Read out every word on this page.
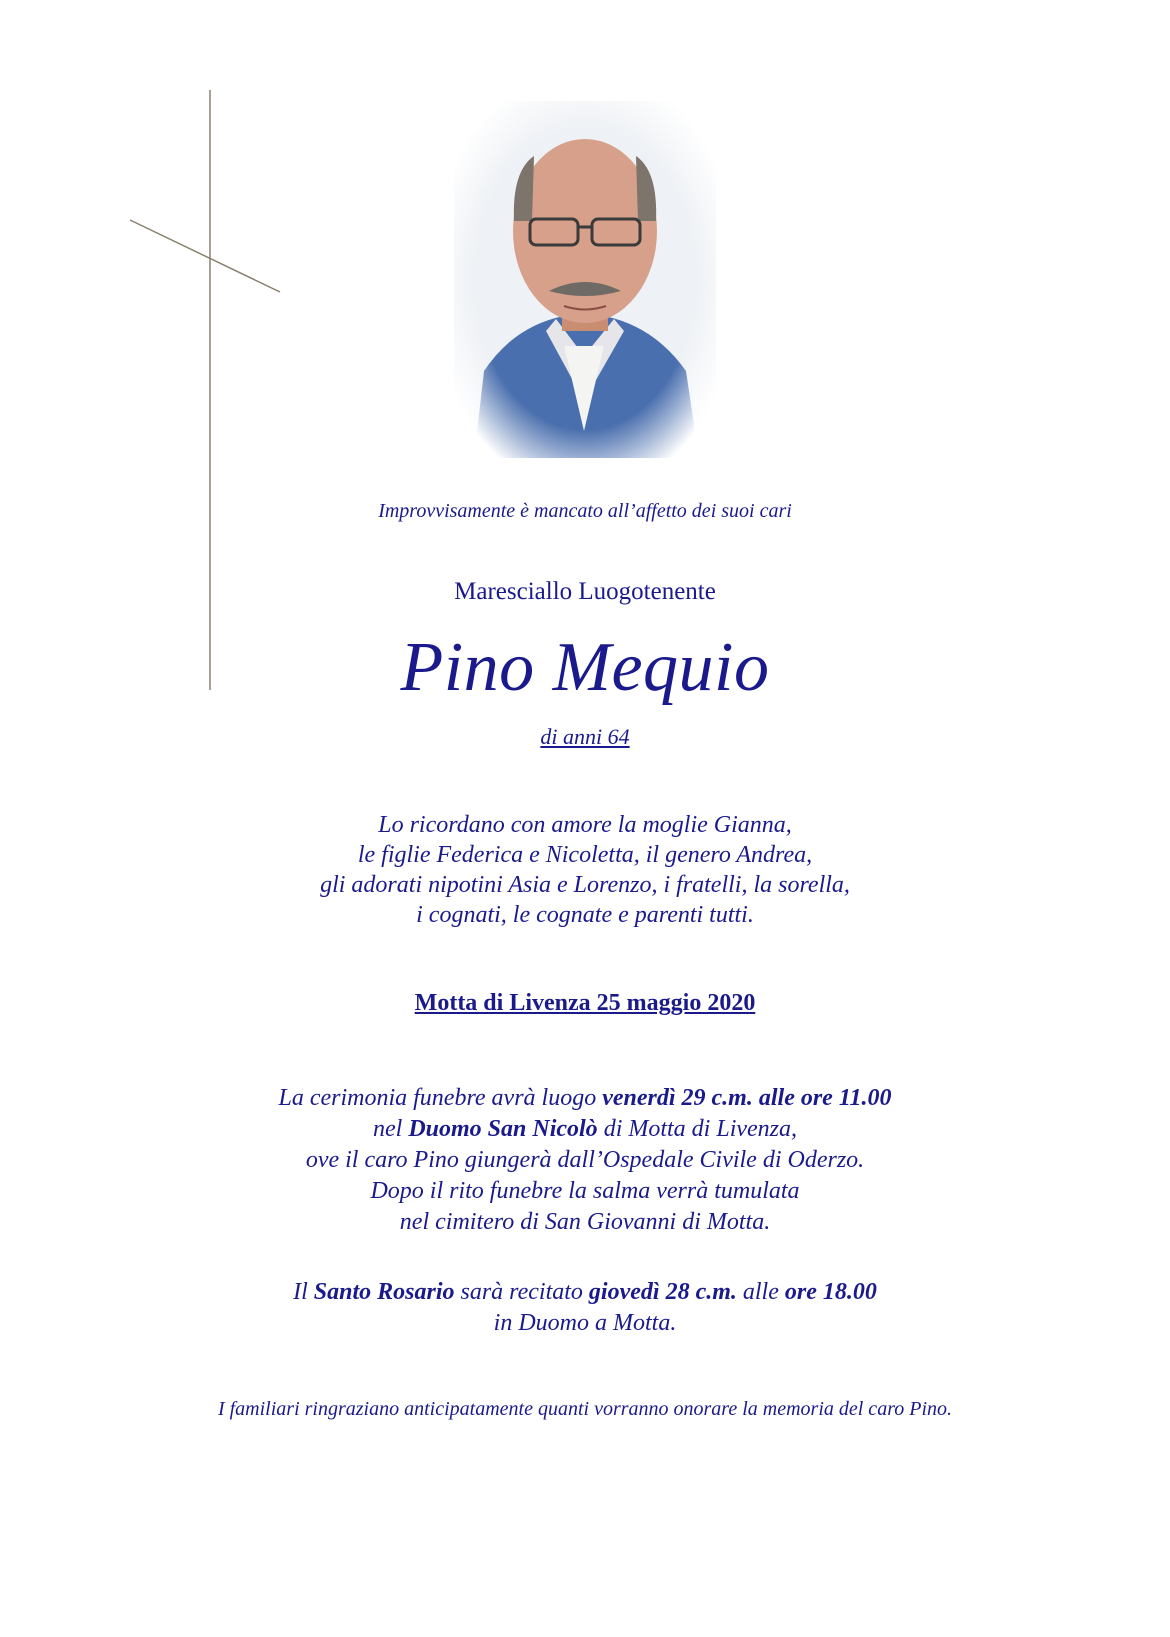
Improvvisamente è mancato all’affetto dei suoi cari
Maresciallo Luogotenente
Pino Mequio
di anni 64
Lo ricordano con amore la moglie Gianna,
le figlie Federica e Nicoletta, il genero Andrea,
gli adorati nipotini Asia e Lorenzo, i fratelli, la sorella,
i cognati, le cognate e parenti tutti.
Motta di Livenza 25 maggio 2020
La cerimonia funebre avrà luogo venerdì 29 c.m. alle ore 11.00
nel Duomo San Nicolò di Motta di Livenza,
ove il caro Pino giungerà dall’Ospedale Civile di Oderzo.
Dopo il rito funebre la salma verrà tumulata
nel cimitero di San Giovanni di Motta.
Il Santo Rosario sarà recitato giovedì 28 c.m. alle ore 18.00
in Duomo a Motta.
I familiari ringraziano anticipatamente quanti vorranno onorare la memoria del caro Pino.
